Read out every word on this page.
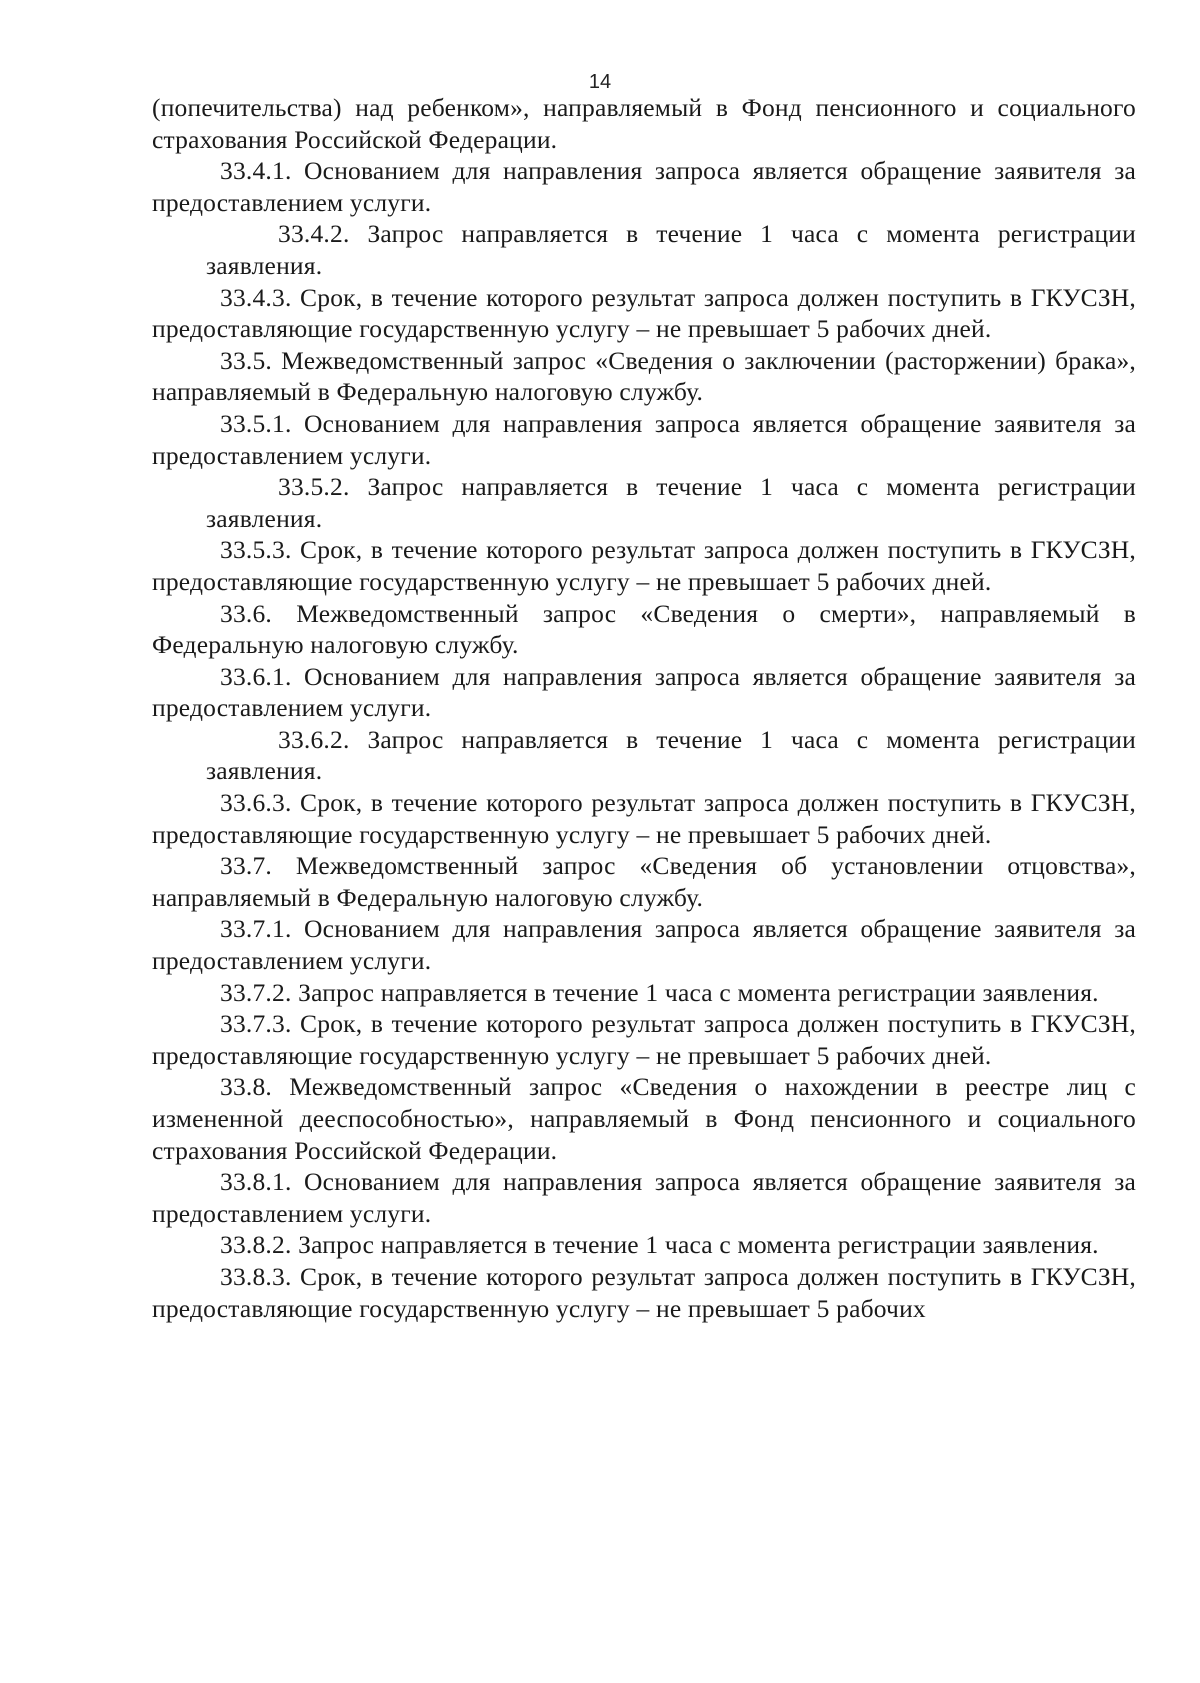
14

(попечительства) над ребенком», направляемый в Фонд пенсионного и социального страхования Российской Федерации.

33.4.1. Основанием для направления запроса является обращение заявителя за предоставлением услуги.

33.4.2. Запрос направляется в течение 1 часа с момента регистрации заявления.

33.4.3. Срок, в течение которого результат запроса должен поступить в ГКУСЗН, предоставляющие государственную услугу – не превышает 5 рабочих дней.

33.5. Межведомственный запрос «Сведения о заключении (расторжении) брака», направляемый в Федеральную налоговую службу.

33.5.1. Основанием для направления запроса является обращение заявителя за предоставлением услуги.

33.5.2. Запрос направляется в течение 1 часа с момента регистрации заявления.

33.5.3. Срок, в течение которого результат запроса должен поступить в ГКУСЗН, предоставляющие государственную услугу – не превышает 5 рабочих дней.

33.6. Межведомственный запрос «Сведения о смерти», направляемый в Федеральную налоговую службу.

33.6.1. Основанием для направления запроса является обращение заявителя за предоставлением услуги.

33.6.2. Запрос направляется в течение 1 часа с момента регистрации заявления.

33.6.3. Срок, в течение которого результат запроса должен поступить в ГКУСЗН, предоставляющие государственную услугу – не превышает 5 рабочих дней.

33.7. Межведомственный запрос «Сведения об установлении отцовства», направляемый в Федеральную налоговую службу.

33.7.1. Основанием для направления запроса является обращение заявителя за предоставлением услуги.

33.7.2. Запрос направляется в течение 1 часа с момента регистрации заявления.

33.7.3. Срок, в течение которого результат запроса должен поступить в ГКУСЗН, предоставляющие государственную услугу – не превышает 5 рабочих дней.

33.8. Межведомственный запрос «Сведения о нахождении в реестре лиц с измененной дееспособностью», направляемый в Фонд пенсионного и социального страхования Российской Федерации.

33.8.1. Основанием для направления запроса является обращение заявителя за предоставлением услуги.

33.8.2. Запрос направляется в течение 1 часа с момента регистрации заявления.

33.8.3. Срок, в течение которого результат запроса должен поступить в ГКУСЗН, предоставляющие государственную услугу – не превышает 5 рабочих
